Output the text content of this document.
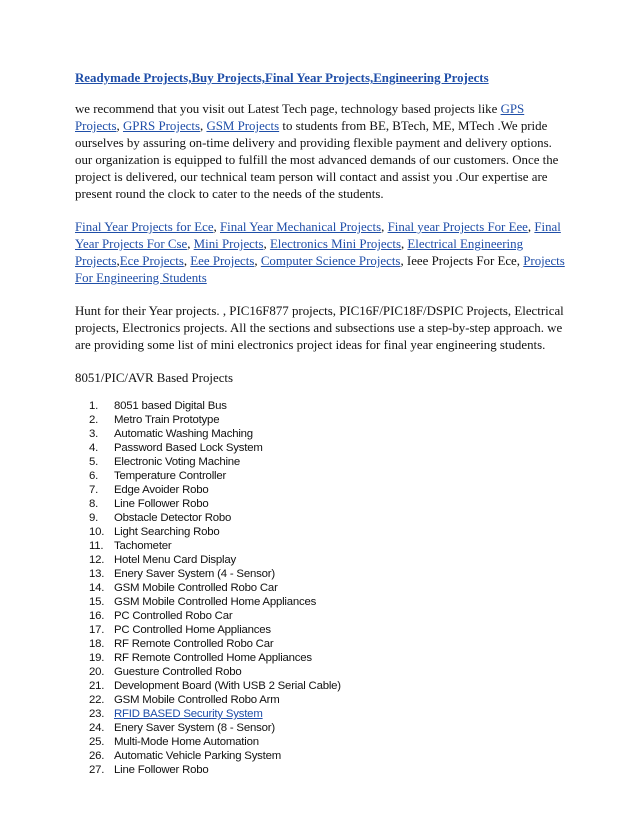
Readymade Projects,Buy Projects,Final Year Projects,Engineering Projects

we recommend that you visit out Latest Tech page, technology based projects like GPS Projects, GPRS Projects, GSM Projects to students from BE, BTech, ME, MTech .We pride ourselves by assuring on-time delivery and providing flexible payment and delivery options. our organization is equipped to fulfill the most advanced demands of our customers. Once the project is delivered, our technical team person will contact and assist you .Our expertise are present round the clock to cater to the needs of the students.

Final Year Projects for Ece, Final Year Mechanical Projects, Final year Projects For Eee, Final Year Projects For Cse, Mini Projects, Electronics Mini Projects, Electrical Engineering Projects,Ece Projects, Eee Projects, Computer Science Projects, Ieee Projects For Ece, Projects For Engineering Students

Hunt for their Year projects. , PIC16F877 projects, PIC16F/PIC18F/DSPIC Projects, Electrical projects, Electronics projects. All the sections and subsections use a step-by-step approach. we are providing some list of mini electronics project ideas for final year engineering students.

8051/PIC/AVR Based Projects
1.	8051 based Digital Bus
2.	Metro Train Prototype
3.	Automatic Washing Maching
4.	Password Based Lock System
5.	Electronic Voting Machine
6.	Temperature Controller
7.	Edge Avoider Robo
8.	Line Follower Robo
9.	Obstacle Detector Robo
10. Light Searching Robo
11. Tachometer
12. Hotel Menu Card Display
13. Enery Saver System (4 - Sensor)
14. GSM Mobile Controlled Robo Car
15. GSM Mobile Controlled Home Appliances
16. PC Controlled Robo Car
17. PC Controlled Home Appliances
18. RF Remote Controlled Robo Car
19. RF Remote Controlled Home Appliances
20. Guesture Controlled Robo
21. Development Board (With USB 2 Serial Cable)
22. GSM Mobile Controlled Robo Arm
23. RFID BASED Security System
24. Enery Saver System (8 - Sensor)
25. Multi-Mode Home Automation
26. Automatic Vehicle Parking System
27. Line Follower Robo
